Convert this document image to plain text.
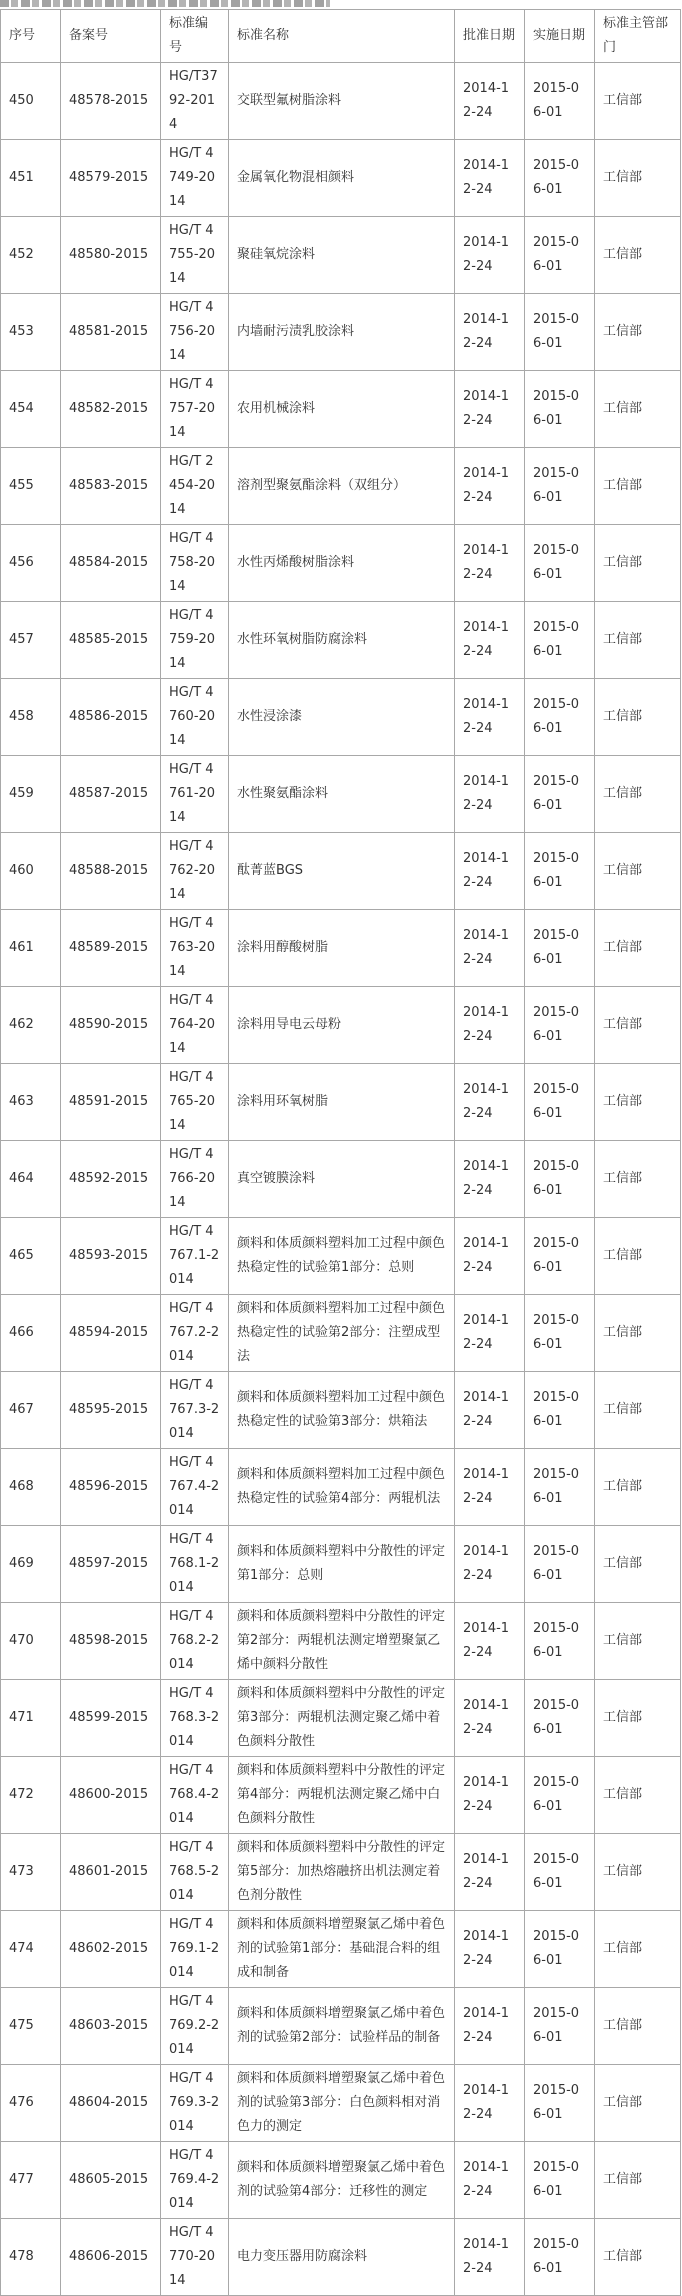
序号	备案号	标准编号	标准名称	批准日期	实施日期	标准主管部门
450	48578-2015	HG/T3792-2014	交联型氟树脂涂料	2014-12-24	2015-06-01	工信部
451	48579-2015	HG/T 4749-2014	金属氧化物混相颜料	2014-12-24	2015-06-01	工信部
452	48580-2015	HG/T 4755-2014	聚硅氧烷涂料	2014-12-24	2015-06-01	工信部
453	48581-2015	HG/T 4756-2014	内墙耐污渍乳胶涂料	2014-12-24	2015-06-01	工信部
454	48582-2015	HG/T 4757-2014	农用机械涂料	2014-12-24	2015-06-01	工信部
455	48583-2015	HG/T 2454-2014	溶剂型聚氨酯涂料（双组分）	2014-12-24	2015-06-01	工信部
456	48584-2015	HG/T 4758-2014	水性丙烯酸树脂涂料	2014-12-24	2015-06-01	工信部
457	48585-2015	HG/T 4759-2014	水性环氧树脂防腐涂料	2014-12-24	2015-06-01	工信部
458	48586-2015	HG/T 4760-2014	水性浸涂漆	2014-12-24	2015-06-01	工信部
459	48587-2015	HG/T 4761-2014	水性聚氨酯涂料	2014-12-24	2015-06-01	工信部
460	48588-2015	HG/T 4762-2014	酞菁蓝BGS	2014-12-24	2015-06-01	工信部
461	48589-2015	HG/T 4763-2014	涂料用醇酸树脂	2014-12-24	2015-06-01	工信部
462	48590-2015	HG/T 4764-2014	涂料用导电云母粉	2014-12-24	2015-06-01	工信部
463	48591-2015	HG/T 4765-2014	涂料用环氧树脂	2014-12-24	2015-06-01	工信部
464	48592-2015	HG/T 4766-2014	真空镀膜涂料	2014-12-24	2015-06-01	工信部
465	48593-2015	HG/T 4767.1-2014	颜料和体质颜料塑料加工过程中颜色热稳定性的试验第1部分：总则	2014-12-24	2015-06-01	工信部
466	48594-2015	HG/T 4767.2-2014	颜料和体质颜料塑料加工过程中颜色热稳定性的试验第2部分：注塑成型法	2014-12-24	2015-06-01	工信部
467	48595-2015	HG/T 4767.3-2014	颜料和体质颜料塑料加工过程中颜色热稳定性的试验第3部分：烘箱法	2014-12-24	2015-06-01	工信部
468	48596-2015	HG/T 4767.4-2014	颜料和体质颜料塑料加工过程中颜色热稳定性的试验第4部分：两辊机法	2014-12-24	2015-06-01	工信部
469	48597-2015	HG/T 4768.1-2014	颜料和体质颜料塑料中分散性的评定 第1部分：总则	2014-12-24	2015-06-01	工信部
470	48598-2015	HG/T 4768.2-2014	颜料和体质颜料塑料中分散性的评定 第2部分：两辊机法测定增塑聚氯乙烯中颜料分散性	2014-12-24	2015-06-01	工信部
471	48599-2015	HG/T 4768.3-2014	颜料和体质颜料塑料中分散性的评定 第3部分：两辊机法测定聚乙烯中着色颜料分散性	2014-12-24	2015-06-01	工信部
472	48600-2015	HG/T 4768.4-2014	颜料和体质颜料塑料中分散性的评定 第4部分：两辊机法测定聚乙烯中白色颜料分散性	2014-12-24	2015-06-01	工信部
473	48601-2015	HG/T 4768.5-2014	颜料和体质颜料塑料中分散性的评定 第5部分：加热熔融挤出机法测定着色剂分散性	2014-12-24	2015-06-01	工信部
474	48602-2015	HG/T 4769.1-2014	颜料和体质颜料增塑聚氯乙烯中着色剂的试验第1部分：基础混合料的组成和制备	2014-12-24	2015-06-01	工信部
475	48603-2015	HG/T 4769.2-2014	颜料和体质颜料增塑聚氯乙烯中着色剂的试验第2部分：试验样品的制备	2014-12-24	2015-06-01	工信部
476	48604-2015	HG/T 4769.3-2014	颜料和体质颜料增塑聚氯乙烯中着色剂的试验第3部分：白色颜料相对消色力的测定	2014-12-24	2015-06-01	工信部
477	48605-2015	HG/T 4769.4-2014	颜料和体质颜料增塑聚氯乙烯中着色剂的试验第4部分：迁移性的测定	2014-12-24	2015-06-01	工信部
478	48606-2015	HG/T 4770-2014	电力变压器用防腐涂料	2014-12-24	2015-06-01	工信部
